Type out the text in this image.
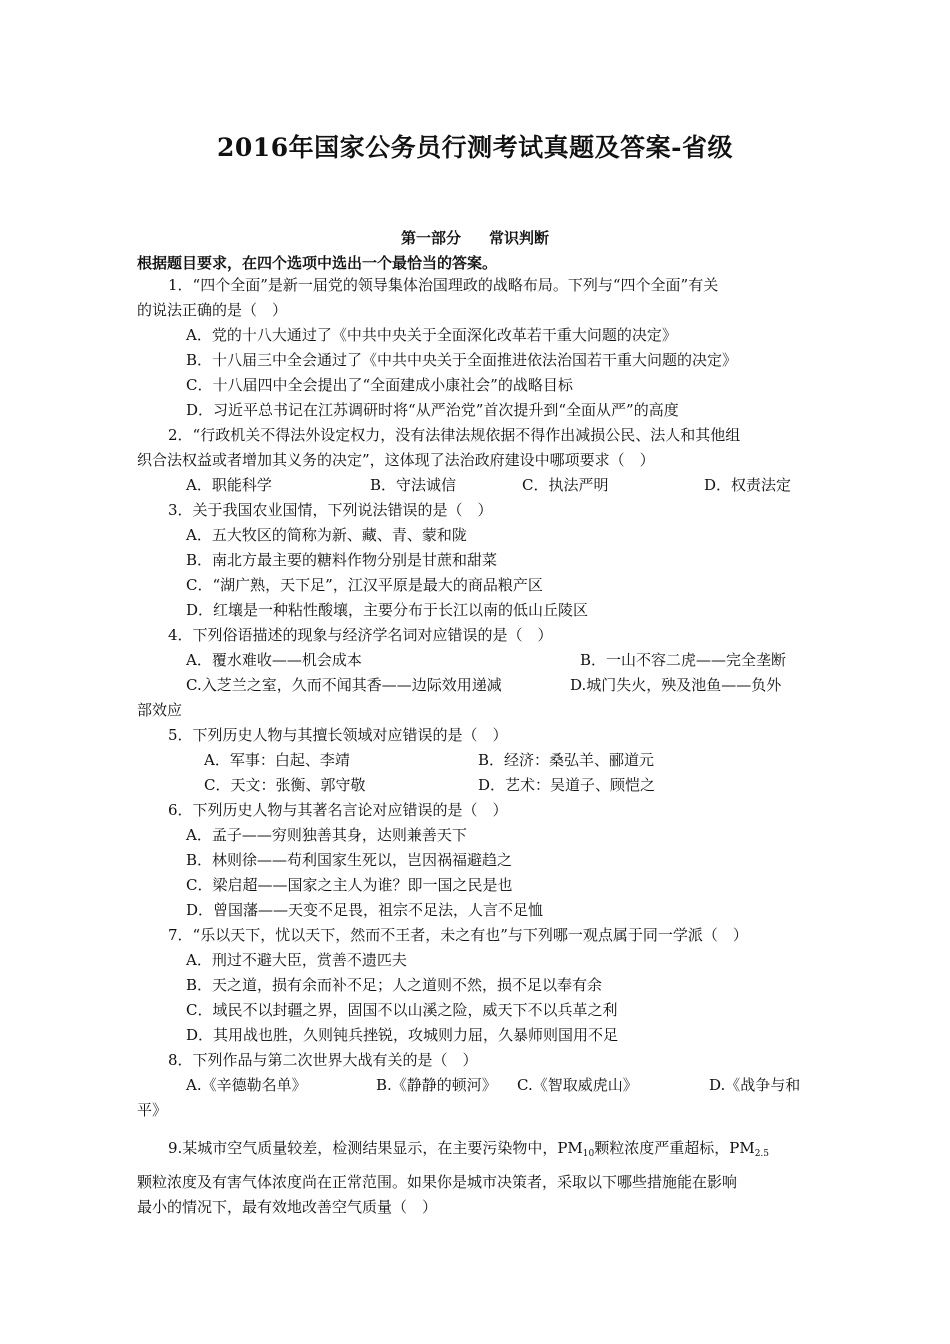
2016年国家公务员行测考试真题及答案-省级
第一部分 常识判断
根据题目要求，在四个选项中选出一个最恰当的答案。
1．“四个全面”是新一届党的领导集体治国理政的战略布局。下列与“四个全面”有关
的说法正确的是（　）
A．党的十八大通过了《中共中央关于全面深化改革若干重大问题的决定》
B．十八届三中全会通过了《中共中央关于全面推进依法治国若干重大问题的决定》
C．十八届四中全会提出了“全面建成小康社会”的战略目标
D．习近平总书记在江苏调研时将“从严治党”首次提升到“全面从严”的高度
2．“行政机关不得法外设定权力，没有法律法规依据不得作出减损公民、法人和其他组
织合法权益或者增加其义务的决定”，这体现了法治政府建设中哪项要求（　）
A．职能科学	B．守法诚信	C．执法严明	D．权责法定
3．关于我国农业国情，下列说法错误的是（　）
A．五大牧区的简称为新、藏、青、蒙和陇
B．南北方最主要的糖料作物分别是甘蔗和甜菜
C．“湖广熟，天下足”，江汉平原是最大的商品粮产区
D．红壤是一种粘性酸壤，主要分布于长江以南的低山丘陵区
4．下列俗语描述的现象与经济学名词对应错误的是（　）
A．覆水难收——机会成本	B．一山不容二虎——完全垄断
C.入芝兰之室，久而不闻其香——边际效用递减	D.城门失火，殃及池鱼——负外
部效应
5．下列历史人物与其擅长领域对应错误的是（　）
A．军事：白起、李靖	B．经济：桑弘羊、郦道元
C．天文：张衡、郭守敬	D．艺术：吴道子、顾恺之
6．下列历史人物与其著名言论对应错误的是（　）
A．孟子——穷则独善其身，达则兼善天下
B．林则徐——苟利国家生死以，岂因祸福避趋之
C．梁启超——国家之主人为谁？即一国之民是也
D．曾国藩——天变不足畏，祖宗不足法，人言不足恤
7．“乐以天下，忧以天下，然而不王者，未之有也”与下列哪一观点属于同一学派（　）
A．刑过不避大臣，赏善不遗匹夫
B．天之道，损有余而补不足；人之道则不然，损不足以奉有余
C．域民不以封疆之界，固国不以山溪之险，威天下不以兵革之利
D．其用战也胜，久则钝兵挫锐，攻城则力屈，久暴师则国用不足
8．下列作品与第二次世界大战有关的是（　）
A.《辛德勒名单》	B.《静静的顿河》 C.《智取威虎山》	D.《战争与和
平》
9.某城市空气质量较差，检测结果显示，在主要污染物中，$PM_{10}$颗粒浓度严重超标，$PM_{2.5}$
颗粒浓度及有害气体浓度尚在正常范围。如果你是城市决策者，采取以下哪些措施能在影响
最小的情况下，最有效地改善空气质量（　）
